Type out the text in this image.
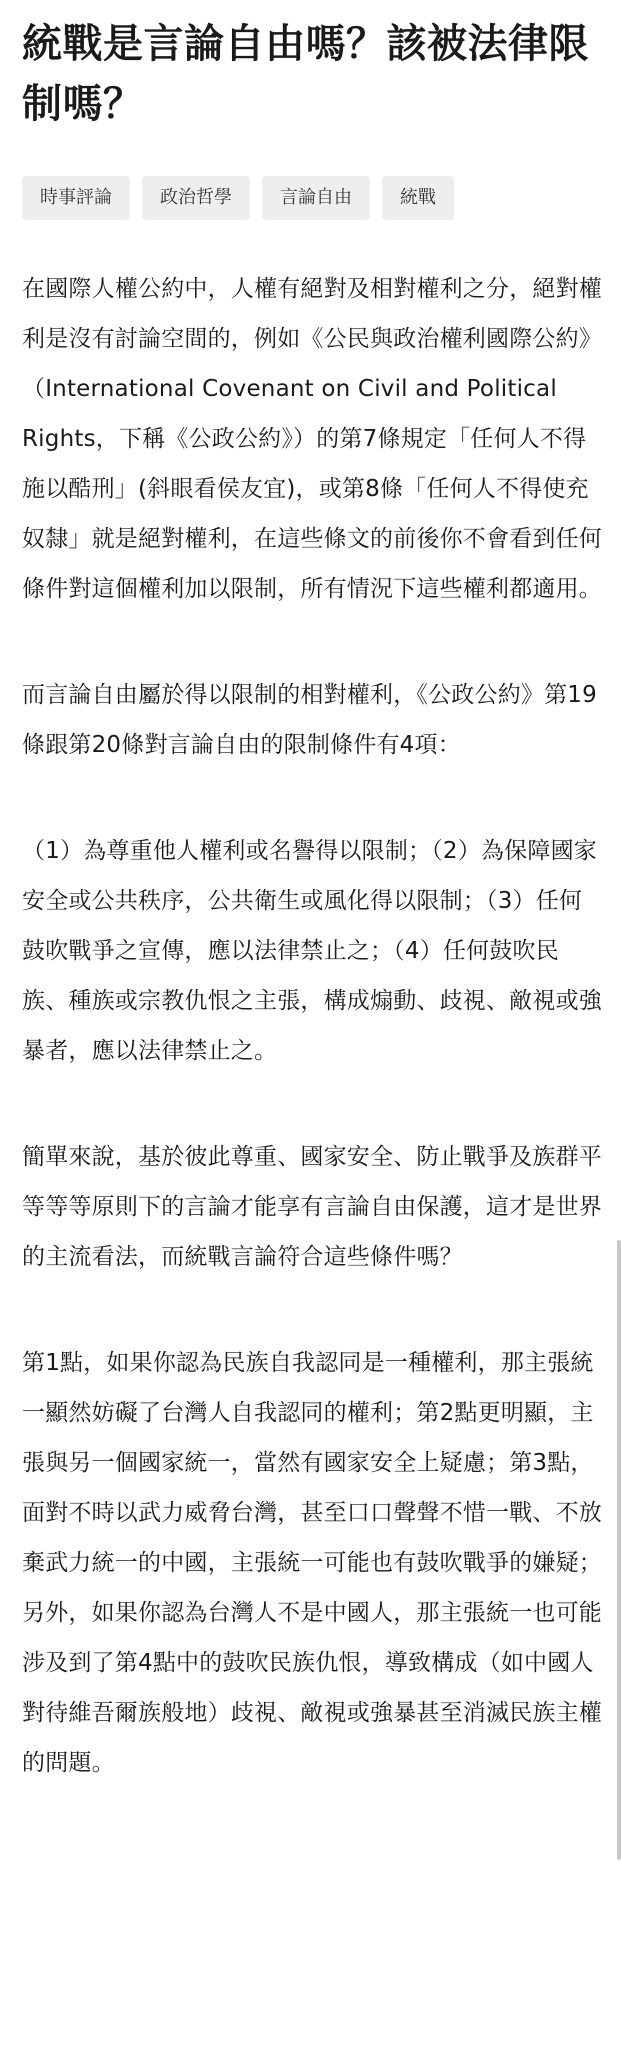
統戰是言論自由嗎？該被法律限制嗎？
時事評論	政治哲學	言論自由	統戰

在國際人權公約中，人權有絕對及相對權利之分，絕對權利是沒有討論空間的，例如《公民與政治權利國際公約》（International Covenant on Civil and Political Rights，下稱《公政公約》）的第7條規定「任何人不得施以酷刑」(斜眼看侯友宜)，或第8條「任何人不得使充奴隸」就是絕對權利，在這些條文的前後你不會看到任何條件對這個權利加以限制，所有情況下這些權利都適用。

而言論自由屬於得以限制的相對權利，《公政公約》第19條跟第20條對言論自由的限制條件有4項：

（1）為尊重他人權利或名譽得以限制；（2）為保障國家安全或公共秩序，公共衛生或風化得以限制；（3）任何鼓吹戰爭之宣傳，應以法律禁止之；（4）任何鼓吹民族、種族或宗教仇恨之主張，構成煽動、歧視、敵視或強暴者，應以法律禁止之。

簡單來說，基於彼此尊重、國家安全、防止戰爭及族群平等等等原則下的言論才能享有言論自由保護，這才是世界的主流看法，而統戰言論符合這些條件嗎？

第1點，如果你認為民族自我認同是一種權利，那主張統一顯然妨礙了台灣人自我認同的權利；第2點更明顯，主張與另一個國家統一，當然有國家安全上疑慮；第3點，面對不時以武力威脅台灣，甚至口口聲聲不惜一戰、不放棄武力統一的中國，主張統一可能也有鼓吹戰爭的嫌疑；另外，如果你認為台灣人不是中國人，那主張統一也可能涉及到了第4點中的鼓吹民族仇恨，導致構成（如中國人對待維吾爾族般地）歧視、敵視或強暴甚至消滅民族主權的問題。
